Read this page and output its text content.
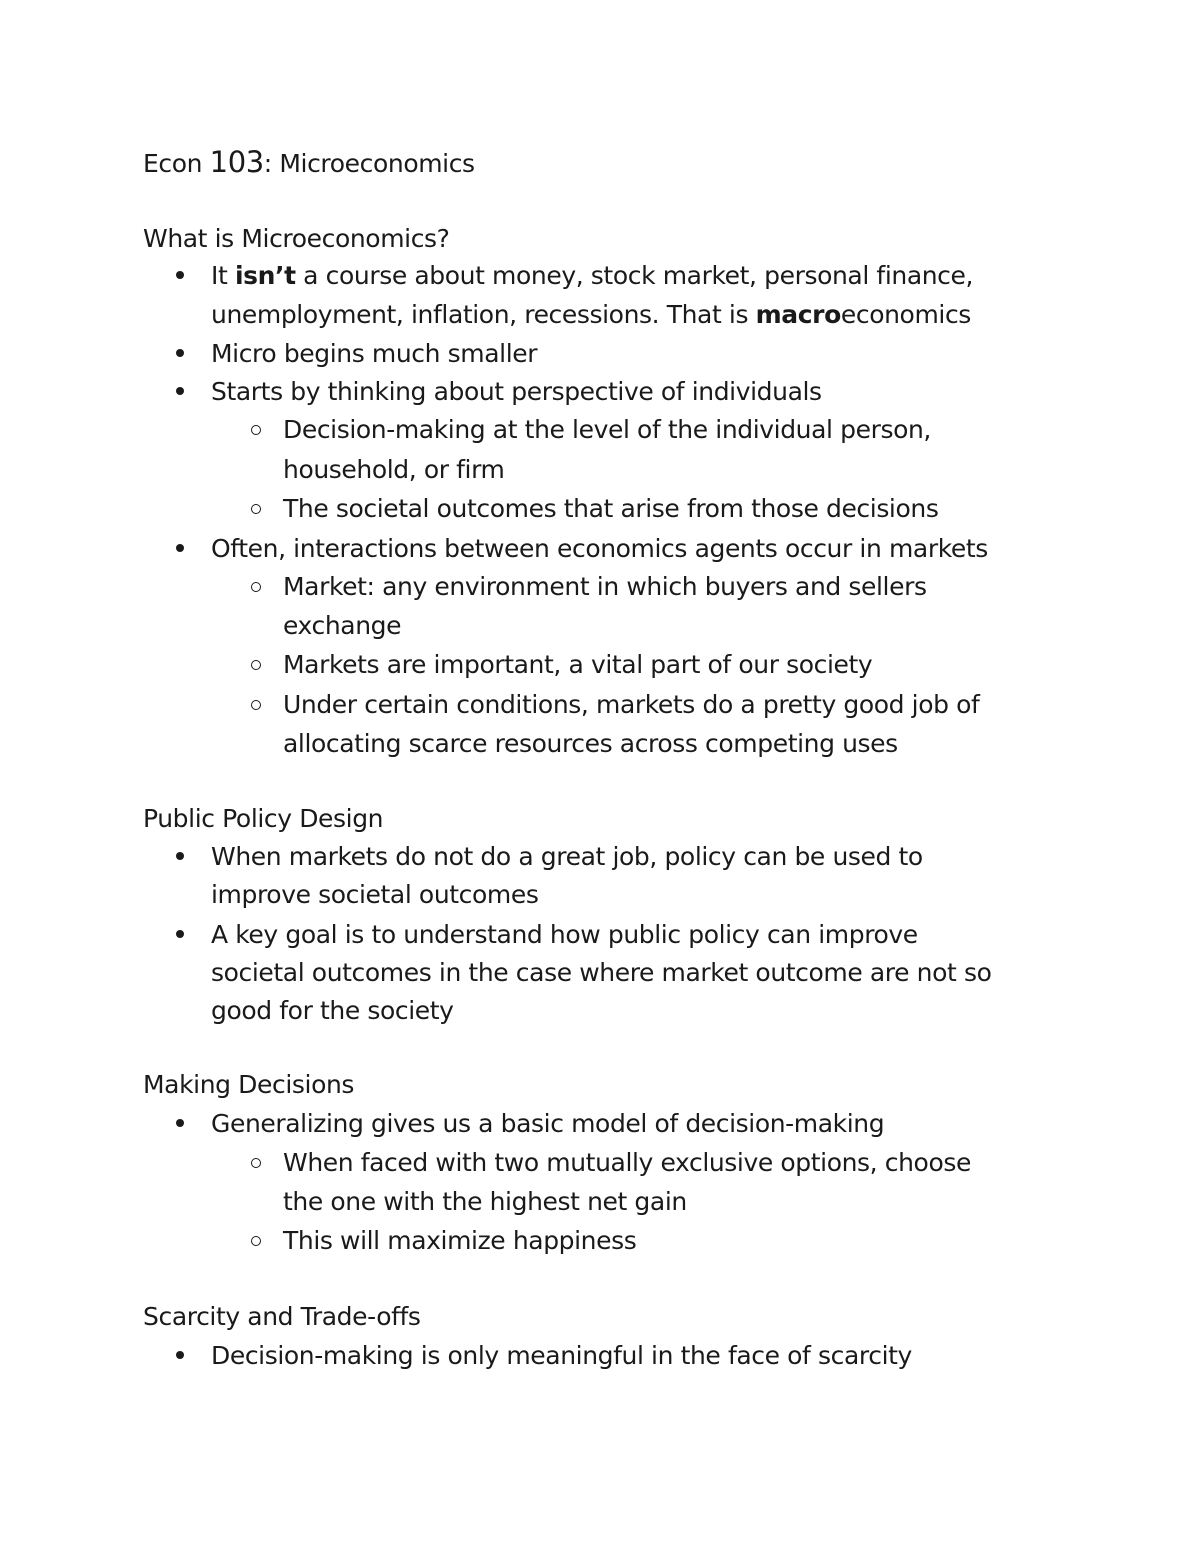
Econ 103: Microeconomics
What is Microeconomics?
It isn’t a course about money, stock market, personal finance,
unemployment, inflation, recessions. That is macroeconomics
Micro begins much smaller
Starts by thinking about perspective of individuals
Decision-making at the level of the individual person,
household, or firm
The societal outcomes that arise from those decisions
Often, interactions between economics agents occur in markets
Market: any environment in which buyers and sellers
exchange
Markets are important, a vital part of our society
Under certain conditions, markets do a pretty good job of
allocating scarce resources across competing uses
Public Policy Design
When markets do not do a great job, policy can be used to
improve societal outcomes
A key goal is to understand how public policy can improve
societal outcomes in the case where market outcome are not so
good for the society
Making Decisions
Generalizing gives us a basic model of decision-making
When faced with two mutually exclusive options, choose
the one with the highest net gain
This will maximize happiness
Scarcity and Trade-offs
Decision-making is only meaningful in the face of scarcity
